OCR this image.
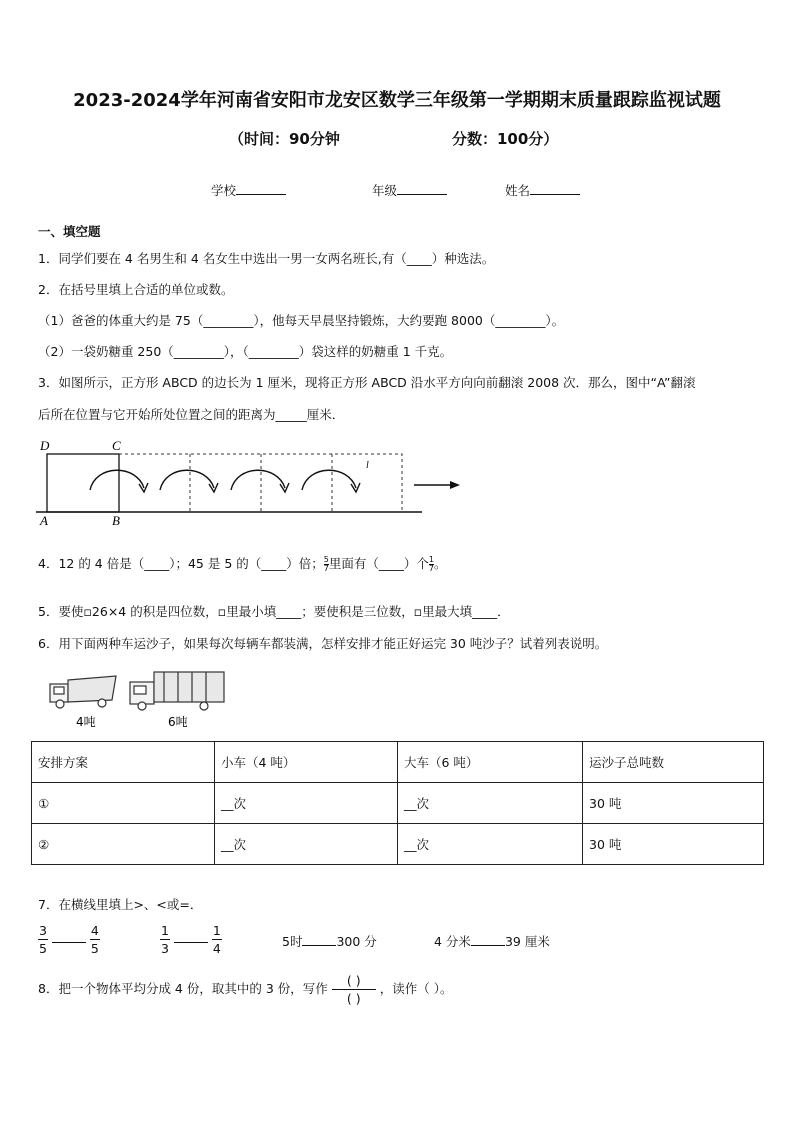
2023-2024学年河南省安阳市龙安区数学三年级第一学期期末质量跟踪监视试题
（时间：90分钟	分数：100分）
学校	年级	姓名
一、填空题
1．同学们要在 4 名男生和 4 名女生中选出一男一女两名班长,有（____）种选法。
2．在括号里填上合适的单位或数。
（1）爸爸的体重大约是 75（________），他每天早晨坚持锻炼，大约要跑 8000（________）。
（2）一袋奶糖重 250（________），（________）袋这样的奶糖重 1 千克。
3．如图所示，正方形 ABCD 的边长为 1 厘米，现将正方形 ABCD 沿水平方向向前翻滚 2008 次．那么，图中“A”翻滚
后所在位置与它开始所处位置之间的距离为_____厘米．
D	C
A	B
l
4．12 的 4 倍是（____）；45 是 5 的（____）倍； $\frac{5}{7}$ 里面有（____）个 $\frac{1}{7}$ 。
5．要使▫26×4 的积是四位数，▫里最小填____；要使积是三位数，▫里最大填____．
6．用下面两种车运沙子，如果每次每辆车都装满，怎样安排才能正好运完 30 吨沙子？试着列表说明。
4吨	6吨
安排方案	小车（4 吨）	大车（6 吨）	运沙子总吨数
①	__次	__次	30 吨
②	__次	__次	30 吨
7．在横线里填上>、<或=．
$\frac{3}{5}$
	$\frac{4}{5}$	$\frac{1}{3}$
	$\frac{1}{4}$	5时	300 分	4 分米	39 厘米
8．把一个物体平均分成 4 份，取其中的 3 份，写作 $\frac{( )}{( )}$ ，读作（ ）。
